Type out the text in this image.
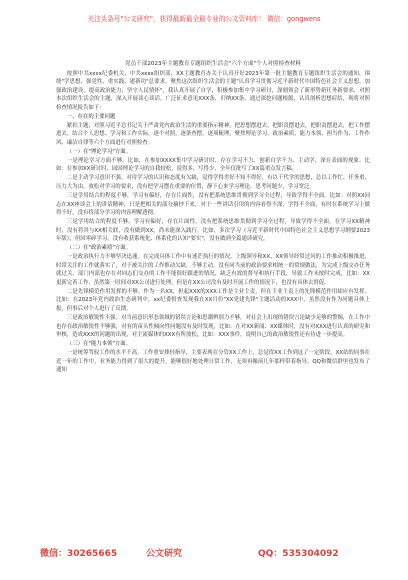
关注头条号"公文研究"，获得最新最全最专业的公文资料库！ 微信：gongwens

党员干部2023年主题教育专题组织生活会"六个方面"个人对照检查材料

按照中共xxxx纪委机关、中共xxxx组织部、XX主题教育办关于认真开好2023年第一批主题教育专题组织生活会的通知，围绕"学思想、强党性、重实践、建新功"总要求，聚焦这次组织生活会的主题"认真学习贯彻习近平新时代中国特色社会主义思想，加强政治建设，提高政治能力，坚守人民情怀"，我认真开展了自学，积极参加集中学习研讨，深刻领会了新形势新任务新要求，对照本次组织生活会的主题，深入开展谈心谈话，广泛征求意见XXX条，归纳XX条，通过深挖问题根源，认真剖析思想症结，现将对照检查情况报告如下：

一、存在的主要问题

紧扣主题，对照习近平总书记关于严肃党内政治生活的重要指示精神，把思想摆进去，把职责摆进去，把职责摆进去，把工作摆进去，结合个人思想、学习和工作实际，逐个对照，逐条查摆，逐项梳理，聚焦理论学习、政治素质、能力本领、担当作为、工作作风、廉洁自律等六个方面进行对照检查。

（一）在"理论学习"方面。

一是理论学习方面不够。比如，在参加XXXX集中学习研讨时，存在学习不力、创新自学不力、主动学、深在表面的现象。比如：在参加XX研讨时，园国理论学习的自我较松，说得多、写得少，全年仅批写了XX篇重点发言稿。

二是主动学习意识不强。对待学习的认识和态度有欠缺，觉得学得差好不知不得好，有以干代学的思想，总以工作忙、任务重、压力大为由，放松对学习的要求，没有把学习摆在重要的位置，静下心来学习理论，思考问题少，学习宽泛。

三是学用结合的程度不够，学习有偏好，存在片面性，没有把系统思维贯彻到学习全过程，导致学得不全面。比如：对照XX同志在XX座谈会上的讲话精神，只是把相关的部分摘抄下来，对于一些讲话引用的内容看得不深，学得不全面，有时在系统学习上做得不好，没有将部分学习的内容理解透彻。

三是学用结合的程度不够，学习有偏好，存在片面性，没有把系统思维贯彻到学习全过程，导致学得不全面。在学习XX精神时，没有将其与XX相关联，没有做到XX，尚未能深入践行。比如，多次学习《习近平新时代中国特色社会主义思想学习纲要2023年版》，但因零碎学习，没有收获系统化、体系化的认知"要实"，没有做到全篇通读研究。

（二）在"政治素质"方面。

一是政治执行力不够坚决迅速。在完成具体工作中有迷茫执行的情况，上级领导和XX、XX领导经常过问的工作推动积极推进，时常关注的工作就落实了，对于被关注的工作推动欠缺，不够主动，没有同当前的政治要求相统一的常规做法，为完成上级交办任务就过关，部门内部也存在对同志们交办的工作不能很好跟进的情况，缺乏有效的督导和执行手段，导致工作未按时完成，比如：XX更新完善工作，虽然第一时间对XX公司进行处理，但是在XX公司没有及时开展工作的情况下，也没有具体去督促。

二是先锋模范作用发挥的不够。作为一名XX，担起XXX的XXX工作是主业主责，但在主业主责上的先锋模范作用却应有发挥。比如：在2023年党内政治生态研判中，xx纪委督查发现我在XX月份"XX党建先锋"主题活动的XXX中，虽然没有作为问题具体上报，但事后对个人进行了反馈。

三是政治敏锐性不强。对当前意识形态领域的错误言论和思潮辨别力不够，对社会上出现的错误言论缺少足够的警惕，在工作中也存在政治敏锐性不够强，对有的苗头性倾向性问题没有及时发现，比如：在对XX新闻、XX媒体时，没有对XXX进行认真的研究和审核，造成XXX的问题的出现，对主流媒体的XXX有所放松，比如：XXX事件，说明自己的政治敏锐性还有待进一步提高。

（三）在"能力本领"方面。

一是统筹驾驭工作的水平不高。工作重安排轻指导，主要表现在分管XX工作上，总觉得XX工作到这了一定阶段，XX站的同事在近一年的工作中，业务能力得到了很大的提升，能够很好地处理日常工作，无须再像前几年那样带着指导，QQ和微信群里也发布了通知

微信：30265665	公文研究	QQ：535304092
